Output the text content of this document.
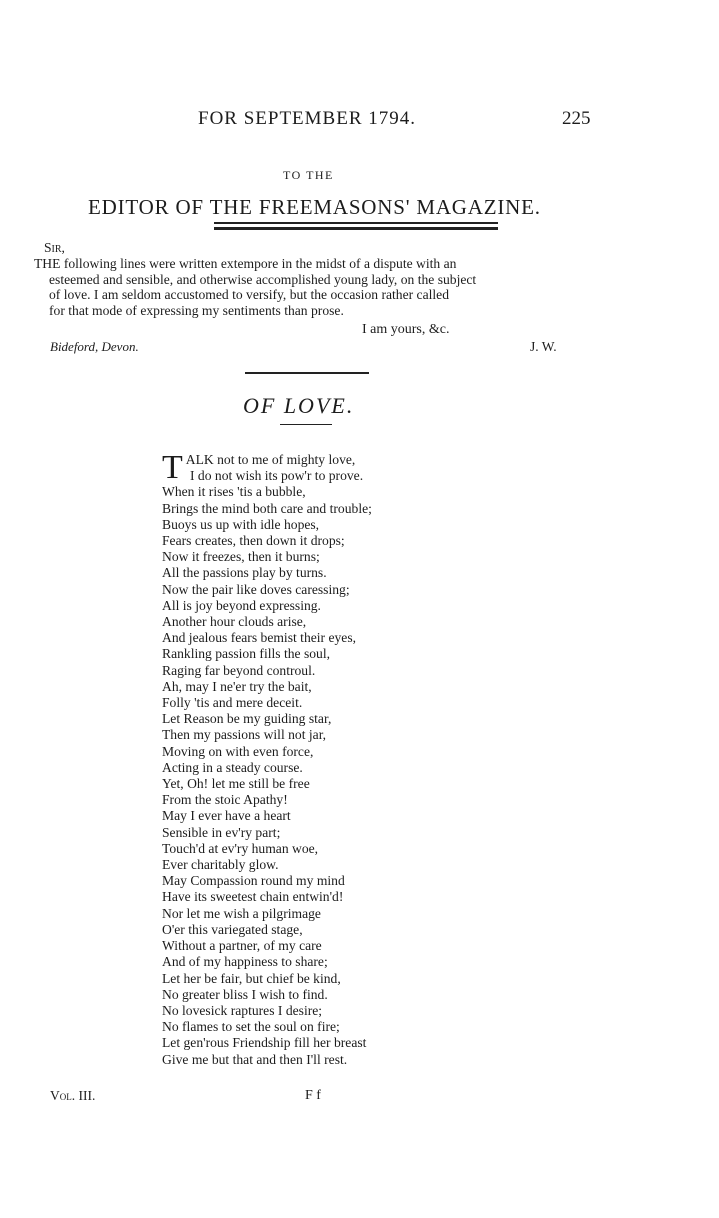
FOR SEPTEMBER 1794.	225
TO THE
EDITOR OF THE FREEMASONS' MAGAZINE.
Sir,
THE following lines were written extempore in the midst of a dispute with an
esteemed and sensible, and otherwise accomplished young lady, on the subject
of love. I am seldom accustomed to versify, but the occasion rather called
for that mode of expressing my sentiments than prose.
I am yours, &c.
Bideford, Devon.	J. W.
OF LOVE.
T ALK not to me of mighty love,
I do not wish its pow'r to prove.
When it rises 'tis a bubble,
Brings the mind both care and trouble;
Buoys us up with idle hopes,
Fears creates, then down it drops;
Now it freezes, then it burns;
All the passions play by turns.
Now the pair like doves caressing;
All is joy beyond expressing.
Another hour clouds arise,
And jealous fears bemist their eyes,
Rankling passion fills the soul,
Raging far beyond controul.
Ah, may I ne'er try the bait,
Folly 'tis and mere deceit.
Let Reason be my guiding star,
Then my passions will not jar,
Moving on with even force,
Acting in a steady course.
Yet, Oh! let me still be free
From the stoic Apathy!
May I ever have a heart
Sensible in ev'ry part;
Touch'd at ev'ry human woe,
Ever charitably glow.
May Compassion round my mind
Have its sweetest chain entwin'd!
Nor let me wish a pilgrimage
O'er this variegated stage,
Without a partner, of my care
And of my happiness to share;
Let her be fair, but chief be kind,
No greater bliss I wish to find.
No lovesick raptures I desire;
No flames to set the soul on fire;
Let gen'rous Friendship fill her breast
Give me but that and then I'll rest.
Vol. III.	F f
